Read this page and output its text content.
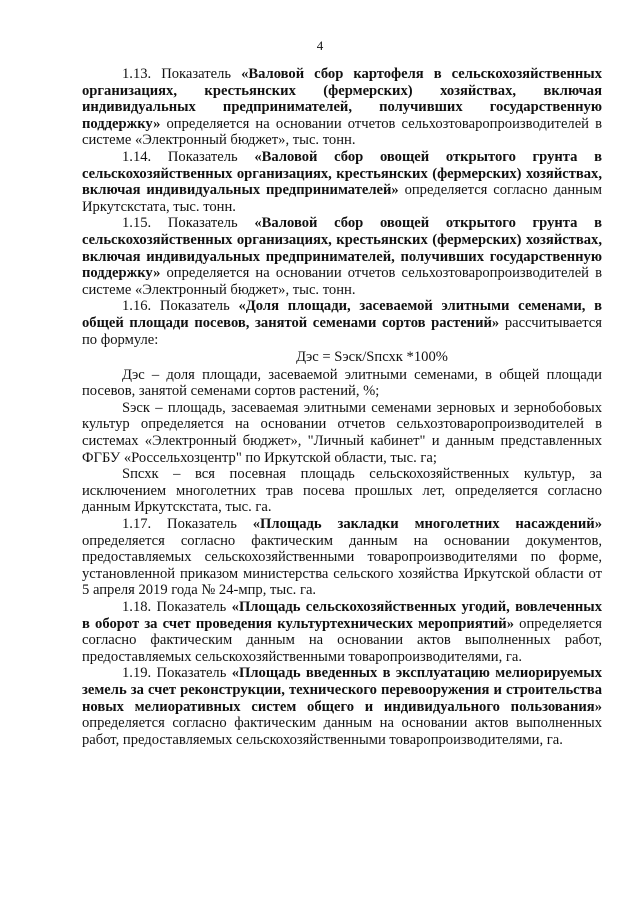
4

1.13. Показатель «Валовой сбор картофеля в сельскохозяйственных организациях, крестьянских (фермерских) хозяйствах, включая индивидуальных предпринимателей, получивших государственную поддержку» определяется на основании отчетов сельхозтоваропроизводителей в системе «Электронный бюджет», тыс. тонн.

1.14. Показатель «Валовой сбор овощей открытого грунта в сельскохозяйственных организациях, крестьянских (фермерских) хозяйствах, включая индивидуальных предпринимателей» определяется согласно данным Иркутскстата, тыс. тонн.

1.15. Показатель «Валовой сбор овощей открытого грунта в сельскохозяйственных организациях, крестьянских (фермерских) хозяйствах, включая индивидуальных предпринимателей, получивших государственную поддержку» определяется на основании отчетов сельхозтоваропроизводителей в системе «Электронный бюджет», тыс. тонн.

1.16. Показатель «Доля площади, засеваемой элитными семенами, в общей площади посевов, занятой семенами сортов растений» рассчитывается по формуле:

Дэс = Sэск/Sпсхк *100%

Дэс – доля площади, засеваемой элитными семенами, в общей площади посевов, занятой семенами сортов растений, %;

Sэск – площадь, засеваемая элитными семенами зерновых и зернобобовых культур определяется на основании отчетов сельхозтоваропроизводителей в системах «Электронный бюджет», "Личный кабинет" и данным представленных ФГБУ «Россельхозцентр" по Иркутской области, тыс. га;

Sпсхк – вся посевная площадь сельскохозяйственных культур, за исключением многолетних трав посева прошлых лет, определяется согласно данным Иркутскстата, тыс. га.

1.17. Показатель «Площадь закладки многолетних насаждений» определяется согласно фактическим данным на основании документов, предоставляемых сельскохозяйственными товаропроизводителями по форме, установленной приказом министерства сельского хозяйства Иркутской области от 5 апреля 2019 года № 24-мпр, тыс. га.

1.18. Показатель «Площадь сельскохозяйственных угодий, вовлеченных в оборот за счет проведения культуртехнических мероприятий» определяется согласно фактическим данным на основании актов выполненных работ, предоставляемых сельскохозяйственными товаропроизводителями, га.

1.19. Показатель «Площадь введенных в эксплуатацию мелиорируемых земель за счет реконструкции, технического перевооружения и строительства новых мелиоративных систем общего и индивидуального пользования» определяется согласно фактическим данным на основании актов выполненных работ, предоставляемых сельскохозяйственными товаропроизводителями, га.
